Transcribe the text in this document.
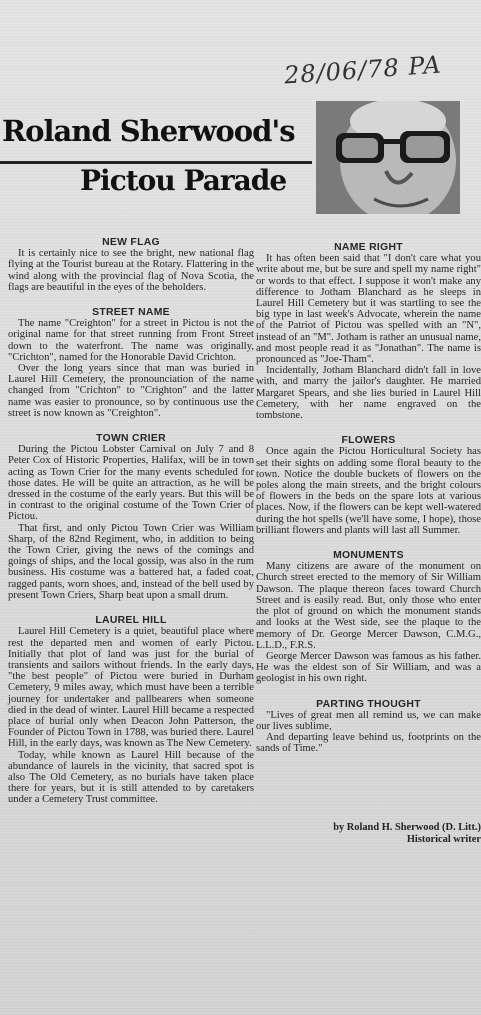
28/06/78 PA
Roland Sherwood's
Pictou Parade
NEW FLAG

It is certainly nice to see the bright, new national flag flying at the Tourist bureau at the Rotary. Flattering in the wind along with the provincial flag of Nova Scotia, the flags are beautiful in the eyes of the beholders.

STREET NAME

The name "Creighton" for a street in Pictou is not the original name for that street running from Front Street down to the waterfront. The name was originally, "Crichton", named for the Honorable David Crichton.

Over the long years since that man was buried in Laurel Hill Cemetery, the pronounciation of the name changed from "Crichton" to "Crighton" and the latter name was easier to pronounce, so by continuous use the street is now known as "Creighton".

TOWN CRIER

During the Pictou Lobster Carnival on July 7 and 8 Peter Cox of Historic Properties, Halifax, will be in town acting as Town Crier for the many events scheduled for those dates. He will be quite an attraction, as he will be dressed in the costume of the early years. But this will be in contrast to the original costume of the Town Crier of Pictou.

That first, and only Pictou Town Crier was William Sharp, of the 82nd Regiment, who, in addition to being the Town Crier, giving the news of the comings and goings of ships, and the local gossip, was also in the rum business. His costume was a battered hat, a faded coat, ragged pants, worn shoes, and, instead of the bell used by present Town Criers, Sharp beat upon a small drum.

LAUREL HILL

Laurel Hill Cemetery is a quiet, beautiful place where rest the departed men and women of early Pictou. Initially that plot of land was just for the burial of transients and sailors without friends. In the early days, "the best people" of Pictou were buried in Durham Cemetery, 9 miles away, which must have been a terrible journey for undertaker and pallbearers when someone died in the dead of winter. Laurel Hill became a respected place of burial only when Deacon John Patterson, the Founder of Pictou Town in 1788, was buried there. Laurel Hill, in the early days, was known as The New Cemetery.

Today, while known as Laurel Hill because of the abundance of laurels in the vicinity, that sacred spot is also The Old Cemetery, as no burials have taken place there for years, but it is still attended to by caretakers under a Cemetery Trust committee.

NAME RIGHT

It has often been said that "I don't care what you write about me, but be sure and spell my name right" or words to that effect. I suppose it won't make any difference to Jotham Blanchard as he sleeps in Laurel Hill Cemetery but it was startling to see the big type in last week's Advocate, wherein the name of the Patriot of Pictou was spelled with an "N", instead of an "M". Jotham is rather an unusual name, and most people read it as "Jonathan". The name is pronounced as "Joe-Tham".

Incidentally, Jotham Blanchard didn't fall in love with, and marry the jailor's daughter. He married Margaret Spears, and she lies buried in Laurel Hill Cemetery, with her name engraved on the tombstone.

FLOWERS

Once again the Pictou Horticultural Society has set their sights on adding some floral beauty to the town. Notice the double buckets of flowers on the poles along the main streets, and the bright colours of flowers in the beds on the spare lots at various places. Now, if the flowers can be kept well-watered during the hot spells (we'll have some, I hope), those brilliant flowers and plants will last all Summer.

MONUMENTS

Many citizens are aware of the monument on Church street erected to the memory of Sir William Dawson. The plaque thereon faces toward Church Street and is easily read. But, only those who enter the plot of ground on which the monument stands and looks at the West side, see the plaque to the memory of Dr. George Mercer Dawson, C.M.G., L.L.D., F.R.S.

George Mercer Dawson was famous as his father. He was the eldest son of Sir William, and was a geologist in his own right.

PARTING THOUGHT

"Lives of great men all remind us, we can make our lives sublime,

And departing leave behind us, footprints on the sands of Time."

by Roland H. Sherwood (D. Litt.)
Historical writer
